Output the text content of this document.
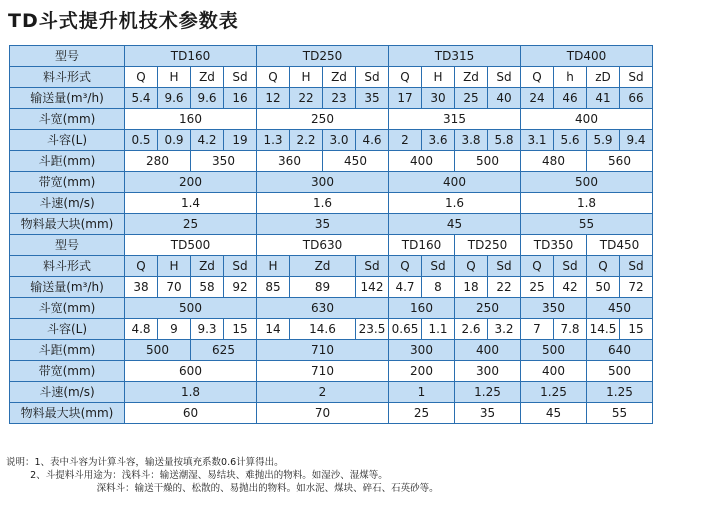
TD斗式提升机技术参数表
型号	TD160				TD250				TD315				TD400			
料斗形式	Q	H	Zd	Sd	Q	H	Zd	Sd	Q	H	Zd	Sd	Q	h	zD	Sd
输送量(m³/h)	5.4	9.6	9.6	16	12	22	23	35	17	30	25	40	24	46	41	66
斗宽(mm)	160				250				315				400			
斗容(L)	0.5	0.9	4.2	19	1.3	2.2	3.0	4.6	2	3.6	3.8	5.8	3.1	5.6	5.9	9.4
斗距(mm)	280		350		360		450		400		500		480		560	
带宽(mm)	200				300				400				500			
斗速(m/s)	1.4				1.6				1.6				1.8			
物料最大块(mm)	25				35				45				55			
型号	TD500				TD630				TD160		TD250		TD350		TD450	
料斗形式	Q	H	Zd	Sd	H	Zd		Sd	Q	Sd	Q	Sd	Q	Sd	Q	Sd
输送量(m³/h)	38	70	58	92	85	89		142	4.7	8	18	22	25	42	50	72
斗宽(mm)	500				630				160		250		350		450	
斗容(L)	4.8	9	9.3	15	14	14.6		23.5	0.65	1.1	2.6	3.2	7	7.8	14.5	15
斗距(mm)	500		625		710				300		400		500		640	
带宽(mm)	600				710				200		300		400		500	
斗速(m/s)	1.8				2				1		1.25		1.25		1.25	
物料最大块(mm)	60				70				25		35		45		55	
说明：1、表中斗容为计算斗容，输送量按填充系数0.6计算得出。
2、斗提料斗用途为：浅料斗：输送潮湿、易结块、难抛出的物料。如湿沙、湿煤等。
深料斗：输送干燥的、松散的、易抛出的物料。如水泥、煤块、碎石、石英砂等。
